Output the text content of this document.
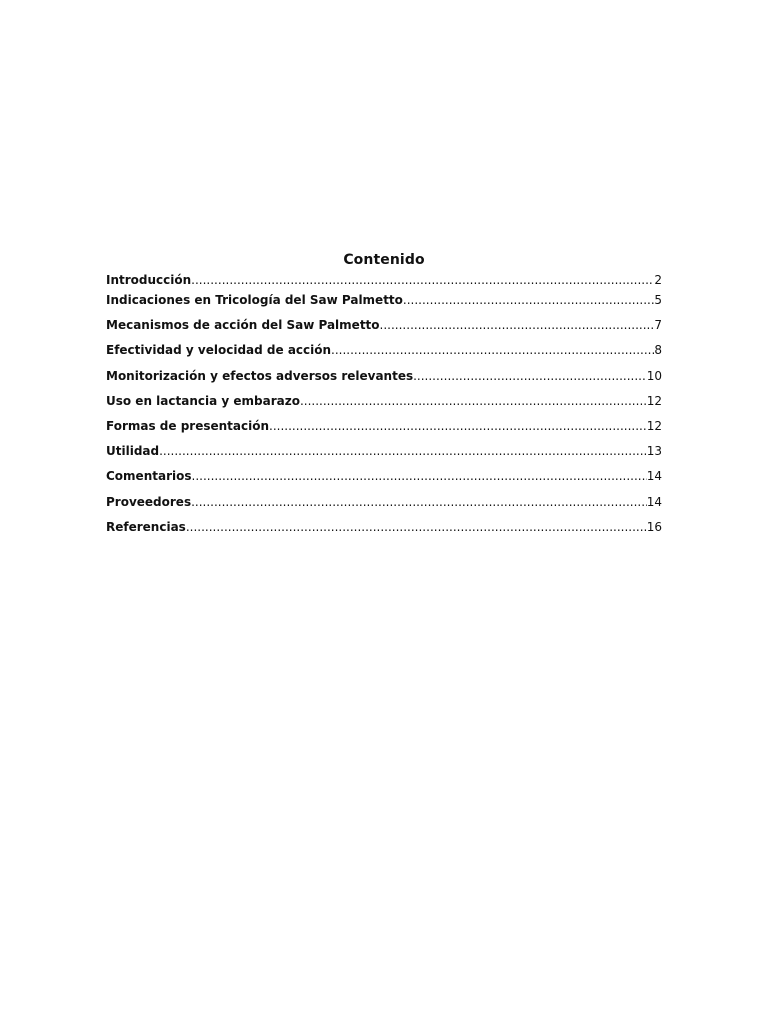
Contenido
Introducción .....	2
Indicaciones en Tricología del Saw Palmetto .....	5
Mecanismos de acción del Saw Palmetto .....	7
Efectividad y velocidad de acción .....	8
Monitorización y efectos adversos relevantes .....	10
Uso en lactancia y embarazo .....	12
Formas de presentación .....	12
Utilidad .....	13
Comentarios .....	14
Proveedores .....	14
Referencias .....	16
